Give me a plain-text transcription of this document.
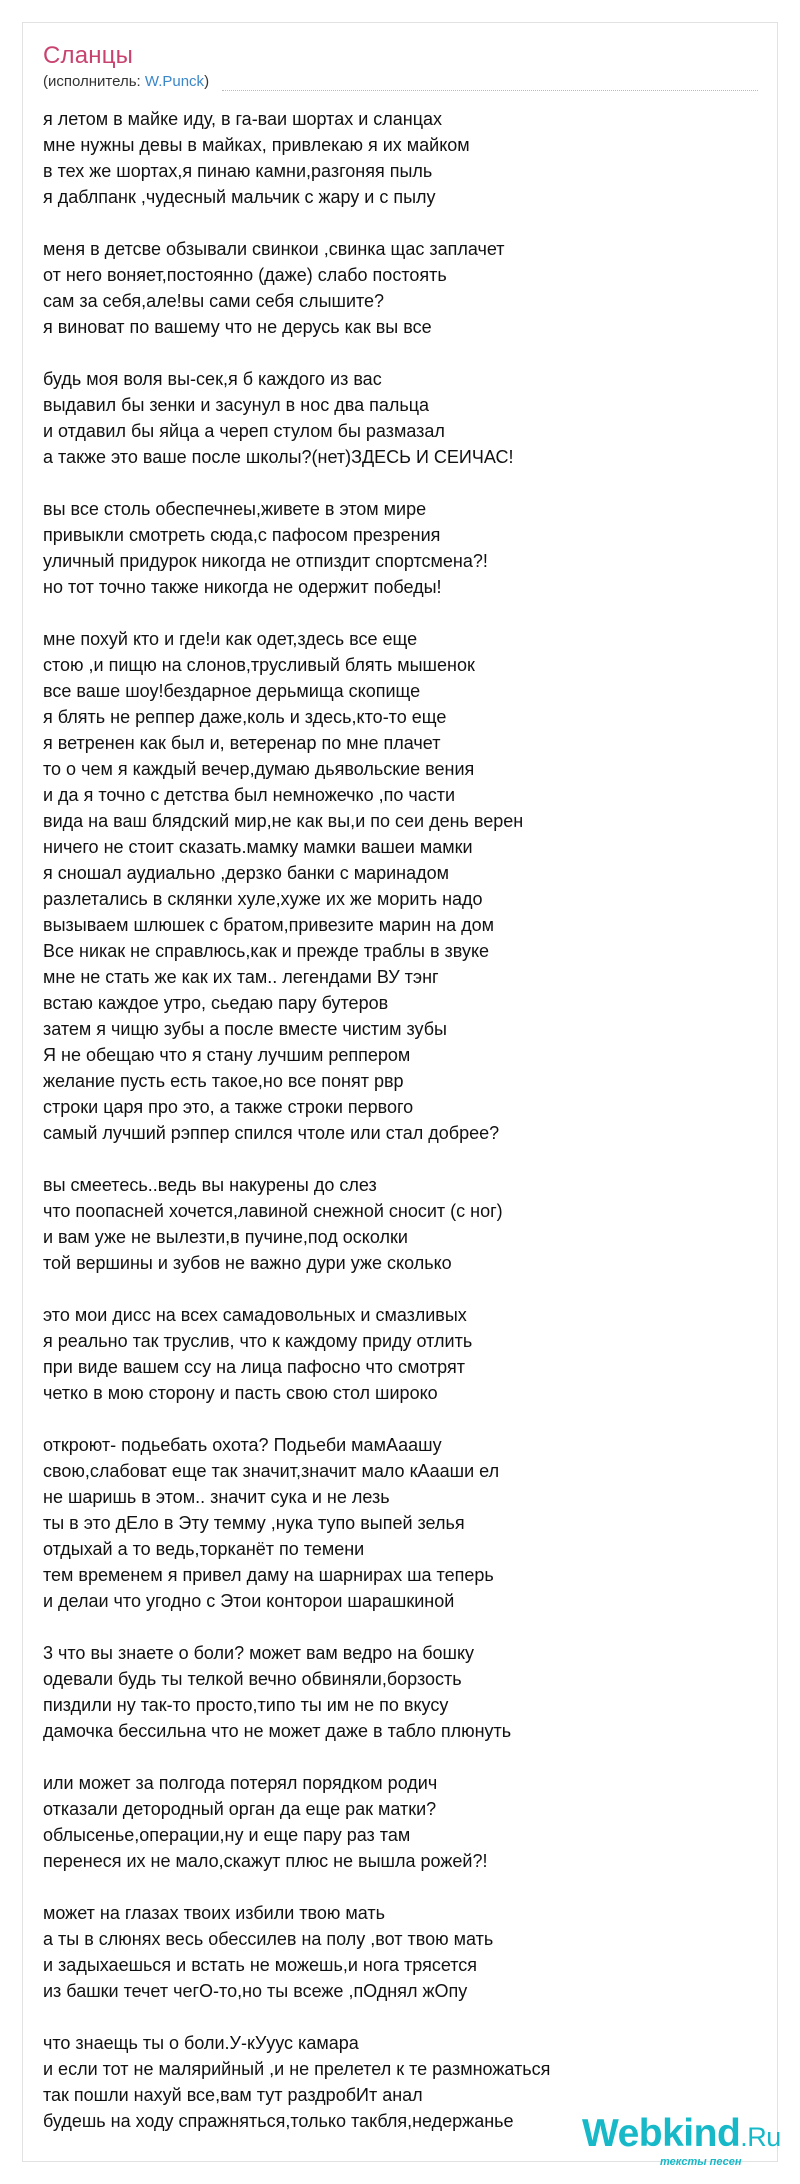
Сланцы
(исполнитель: W.Punck)
я летом в майке иду, в га-ваи шортах и сланцах
мне нужны девы в майках, привлекаю я их майком
в тех же шортах,я пинаю камни,разгоняя пыль
я даблпанк ,чудесный мальчик с жару и с пылу
меня в детсве обзывали свинкои ,свинка щас заплачет
от него воняет,постоянно (даже) слабо постоять
сам за себя,але!вы сами себя слышите?
я виноват по вашему что не дерусь как вы все
будь моя воля вы-сек,я б каждого из вас
выдавил бы зенки и засунул в нос два пальца
и отдавил бы яйца а череп стулом бы размазал
а также это ваше после школы?(нет)ЗДЕСЬ И СЕИЧАС!
вы все столь обеспечнеы,живете в этом мире
привыкли смотреть сюда,с пафосом презрения
уличный придурок никогда не отпиздит спортсмена?!
но тот точно также никогда не одержит победы!
мне похуй кто и где!и как одет,здесь все еще
стою ,и пищю на слонов,трусливый блять мышенок
все ваше шоу!бездарное дерьмища скопище
я блять не реппер даже,коль и здесь,кто-то еще
я ветренен как был и, ветеренар по мне плачет
то о чем я каждый вечер,думаю дьявольские вения
и да я точно с детства был немножечко ,по части
вида на ваш блядский мир,не как вы,и по сеи день верен
ничего не стоит сказать.мамку мамки вашеи мамки
я сношал аудиально ,дерзко банки с маринадом
разлетались в склянки хуле,хуже их же морить надо
вызываем шлюшек с братом,привезите марин на дом
Все никак не справлюсь,как и прежде траблы в звуке
мне не стать же как их там.. легендами ВУ тэнг
встаю каждое утро, сьедаю пару бутеров
затем я чищю зубы а после вместе чистим зубы
Я не обещаю что я стану лучшим реппером
желание пусть есть такое,но все понят рвр
строки царя про это, а также строки первого
самый лучший рэппер спился чтоле или стал добрее?
вы смеетесь..ведь вы накурены до слез
что поопасней хочется,лавиной снежной сносит (с ног)
и вам уже не вылезти,в пучине,под осколки
той вершины и зубов не важно дури уже сколько
это мои дисс на всех самадовольных и смазливых
я реально так труслив, что к каждому приду отлить
при виде вашем ссу на лица пафосно что смотрят
четко в мою сторону и пасть свою стол широко
откроют- подьебать охота? Подьеби мамАаашу
свою,слабоват еще так значит,значит мало кАааши ел
не шаришь в этом.. значит сука и не лезь
ты в это дЕло в Эту темму ,нука тупо выпей зелья
отдыхай а то ведь,торканёт по темени
тем временем я привел даму на шарнирах ша теперь
и делаи что угодно с Этои конторои шарашкиной
3 что вы знаете о боли? может вам ведро на бошку
одевали будь ты телкой вечно обвиняли,борзость
пиздили ну так-то просто,типо ты им не по вкусу
дамочка бессильна что не может даже в табло плюнуть
или может за полгода потерял порядком родич
отказали детородный орган да еще рак матки?
облысенье,операции,ну и еще пару раз там
перенеся их не мало,скажут плюс не вышла рожей?!
может на глазах твоих избили твою мать
а ты в слюнях весь обессилев на полу ,вот твою мать
и задыхаешься и встать не можешь,и нога трясется
из башки течет чегО-то,но ты всеже ,пОднял жОпу
что знаещь ты о боли.У-кУуус камара
и если тот не малярийный ,и не прелетел к те размножаться
так пошли нахуй все,вам тут раздробИт анал
будешь на ходу спражняться,только такбля,недержанье	Webkind.Ru
тексты песен
